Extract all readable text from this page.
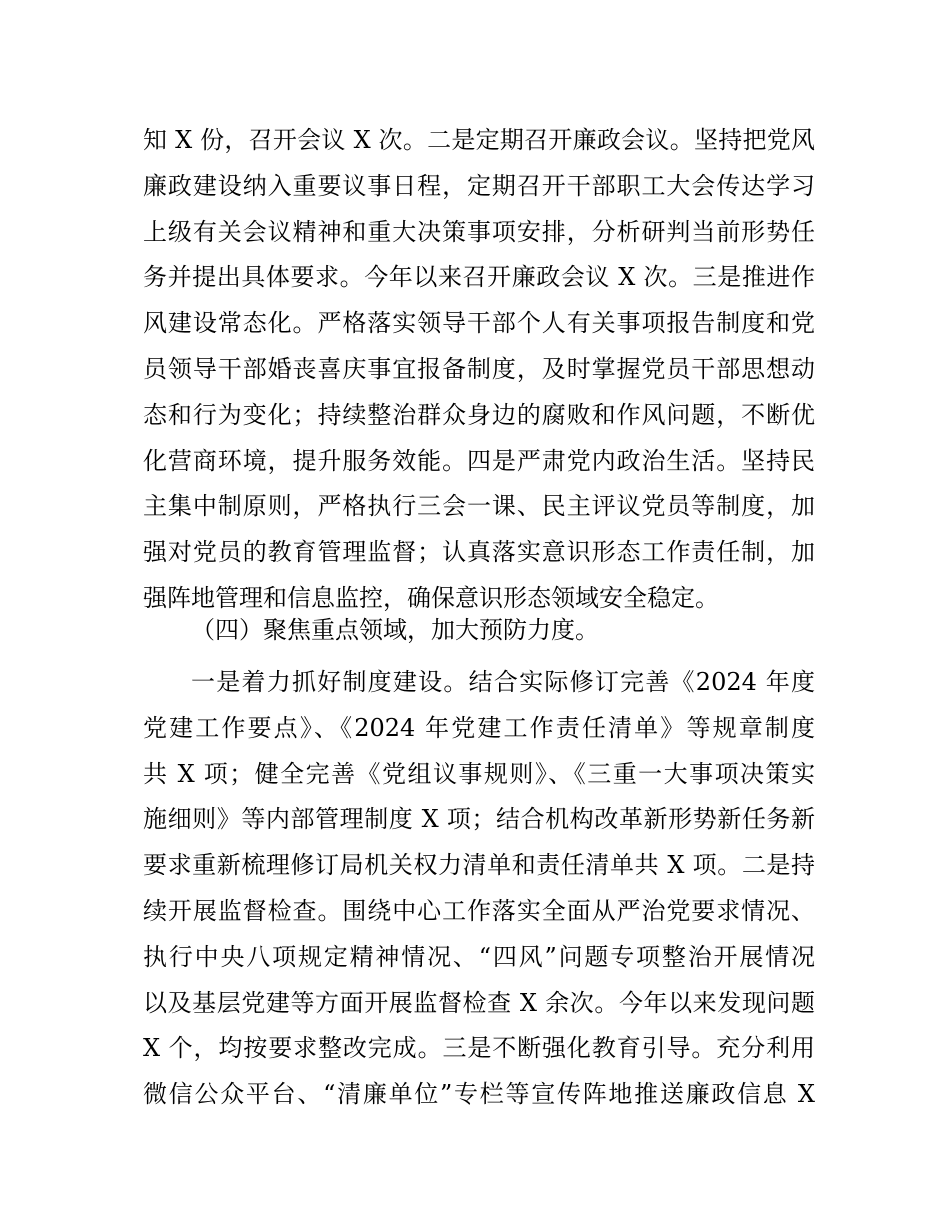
知 X 份，召开会议 X 次。二是定期召开廉政会议。坚持把党风
廉政建设纳入重要议事日程，定期召开干部职工大会传达学习
上级有关会议精神和重大决策事项安排，分析研判当前形势任
务并提出具体要求。今年以来召开廉政会议 X 次。三是推进作
风建设常态化。严格落实领导干部个人有关事项报告制度和党
员领导干部婚丧喜庆事宜报备制度，及时掌握党员干部思想动
态和行为变化；持续整治群众身边的腐败和作风问题，不断优
化营商环境，提升服务效能。四是严肃党内政治生活。坚持民
主集中制原则，严格执行三会一课、民主评议党员等制度，加
强对党员的教育管理监督；认真落实意识形态工作责任制，加
强阵地管理和信息监控，确保意识形态领域安全稳定。
（四）聚焦重点领域，加大预防力度。
一是着力抓好制度建设。结合实际修订完善《2024 年度
党建工作要点》、《2024 年党建工作责任清单》等规章制度
共 X 项；健全完善《党组议事规则》、《三重一大事项决策实
施细则》等内部管理制度 X 项；结合机构改革新形势新任务新
要求重新梳理修订局机关权力清单和责任清单共 X 项。二是持
续开展监督检查。围绕中心工作落实全面从严治党要求情况、
执行中央八项规定精神情况、“四风”问题专项整治开展情况
以及基层党建等方面开展监督检查 X 余次。今年以来发现问题
X 个，均按要求整改完成。三是不断强化教育引导。充分利用
微信公众平台、“清廉单位”专栏等宣传阵地推送廉政信息 X
